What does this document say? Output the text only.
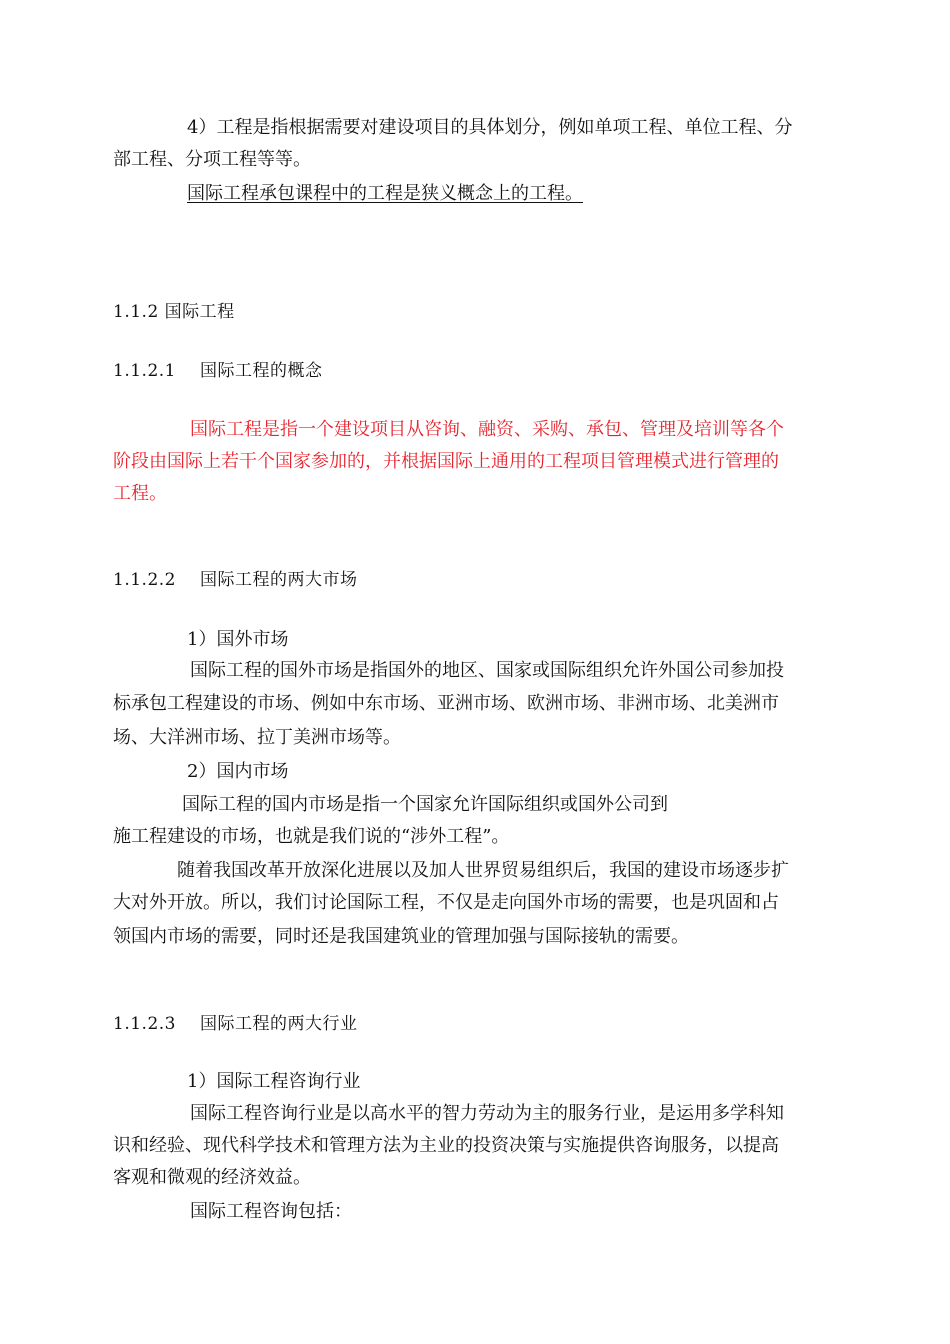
4）工程是指根据需要对建设项目的具体划分，例如单项工程、单位工程、分
部工程、分项工程等等。
国际工程承包课程中的工程是狭义概念上的工程。
1.1.2 国际工程
1.1.2.1 国际工程的概念
国际工程是指一个建设项目从咨询、融资、采购、承包、管理及培训等各个
阶段由国际上若干个国家参加的，并根据国际上通用的工程项目管理模式进行管理的
工程。
1.1.2.2 国际工程的两大市场
1）国外市场
国际工程的国外市场是指国外的地区、国家或国际组织允许外国公司参加投
标承包工程建设的市场、例如中东市场、亚洲市场、欧洲市场、非洲市场、北美洲市
场、大洋洲市场、拉丁美洲市场等。
2）国内市场
国际工程的国内市场是指一个国家允许国际组织或国外公司到
施工程建设的市场，也就是我们说的“涉外工程”。
随着我国改革开放深化进展以及加人世界贸易组织后，我国的建设市场逐步扩
大对外开放。所以，我们讨论国际工程，不仅是走向国外市场的需要，也是巩固和占
领国内市场的需要，同时还是我国建筑业的管理加强与国际接轨的需要。
1.1.2.3 国际工程的两大行业
1）国际工程咨询行业
国际工程咨询行业是以高水平的智力劳动为主的服务行业，是运用多学科知
识和经验、现代科学技术和管理方法为主业的投资决策与实施提供咨询服务，以提高
客观和微观的经济效益。
国际工程咨询包括：
